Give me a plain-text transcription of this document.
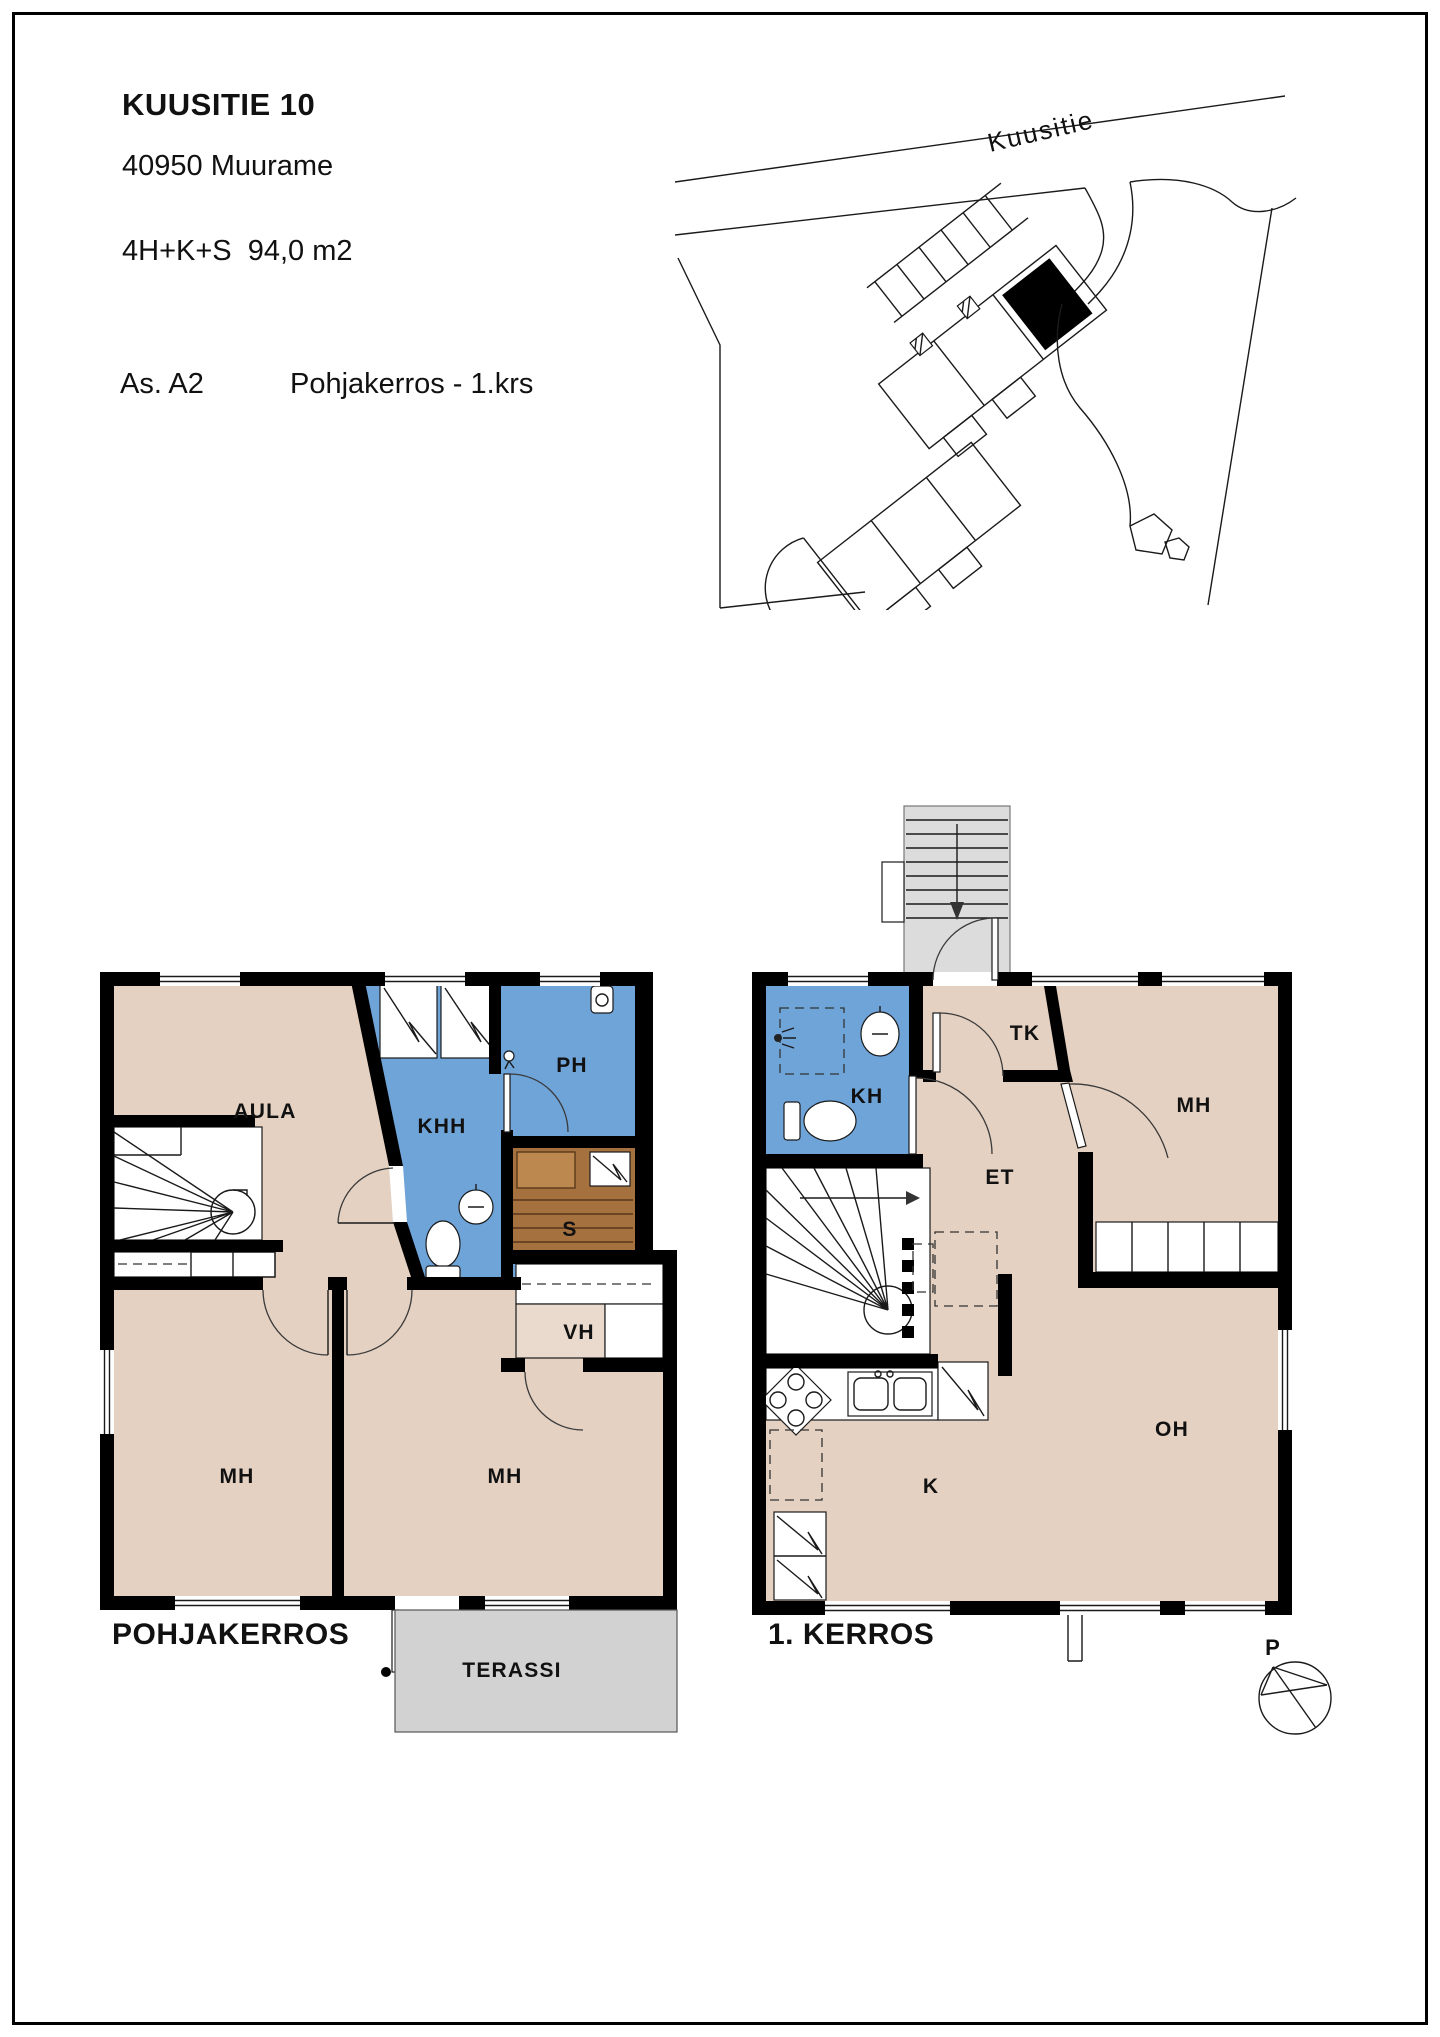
KUUSITIE 10
40950 Muurame
4H+K+S  94,0 m2
As. A2	Pohjakerros - 1.krs
Kuusitie
AULA
KHH
PH
S
VH
MH	MH
TERASSI
KH
TK
MH
ET
OH
K
POHJAKERROS	1. KERROS	P
